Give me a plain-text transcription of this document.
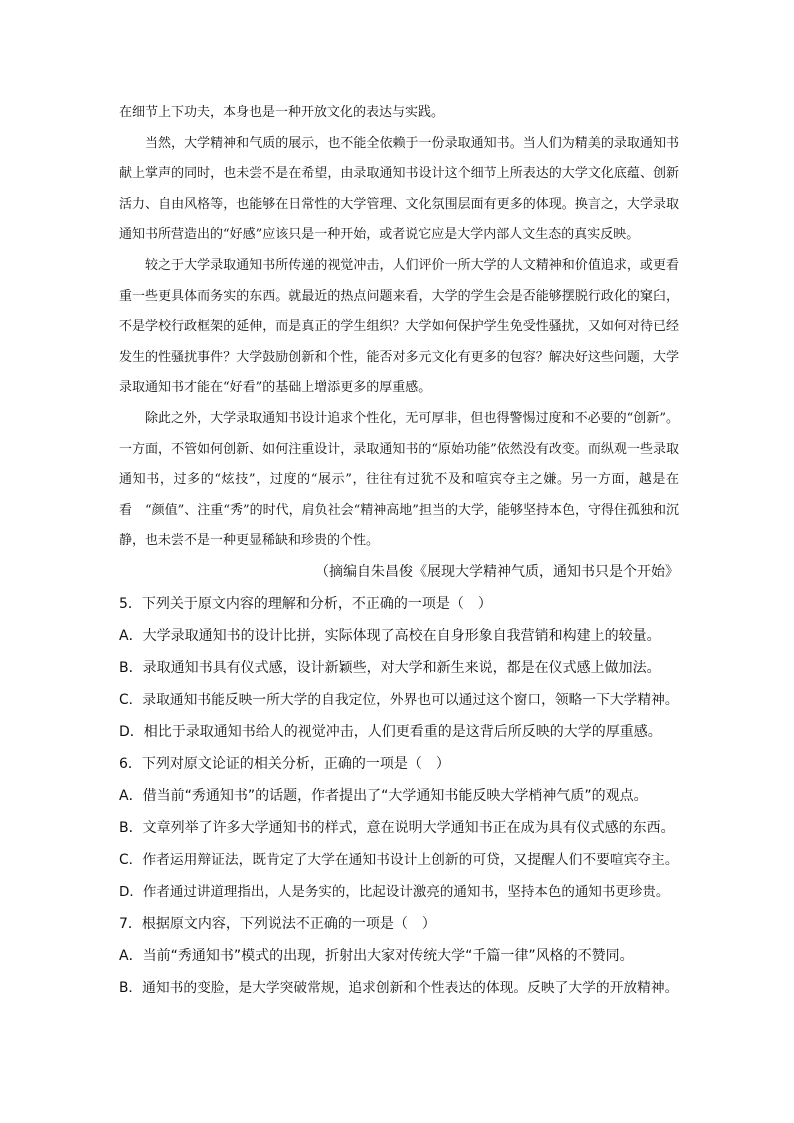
在细节上下功夫，本身也是一种开放文化的表达与实践。

当然，大学精神和气质的展示，也不能全依赖于一份录取通知书。当人们为精美的录取通知书献上掌声的同时，也未尝不是在希望，由录取通知书设计这个细节上所表达的大学文化底蕴、创新活力、自由风格等，也能够在日常性的大学管理、文化氛围层面有更多的体现。换言之，大学录取通知书所营造出的“好感”应该只是一种开始，或者说它应是大学内部人文生态的真实反映。

较之于大学录取通知书所传递的视觉冲击，人们评价一所大学的人文精神和价值追求，或更看重一些更具体而务实的东西。就最近的热点问题来看，大学的学生会是否能够摆脱行政化的窠臼，不是学校行政框架的延伸，而是真正的学生组织？大学如何保护学生免受性骚扰，又如何对待已经发生的性骚扰事件？大学鼓励创新和个性，能否对多元文化有更多的包容？解决好这些问题，大学录取通知书才能在“好看”的基础上增添更多的厚重感。

除此之外，大学录取通知书设计追求个性化，无可厚非，但也得警惕过度和不必要的“创新”。一方面，不管如何创新、如何注重设计，录取通知书的“原始功能”依然没有改变。而纵观一些录取通知书，过多的“炫技”，过度的“展示”，往往有过犹不及和喧宾夺主之嫌。另一方面，越是在看　“颜值”、注重“秀”的时代，肩负社会“精神高地”担当的大学，能够坚持本色，守得住孤独和沉静，也未尝不是一种更显稀缺和珍贵的个性。

（摘编自朱昌俊《展现大学精神气质，通知书只是个开始》

5．下列关于原文内容的理解和分析，不正确的一项是（　）

A．大学录取通知书的设计比拼，实际体现了高校在自身形象自我营销和构建上的较量。

B．录取通知书具有仪式感，设计新颖些，对大学和新生来说，都是在仪式感上做加法。

C．录取通知书能反映一所大学的自我定位，外界也可以通过这个窗口，领略一下大学精神。

D．相比于录取通知书给人的视觉冲击，人们更看重的是这背后所反映的大学的厚重感。

6．下列对原文论证的相关分析，正确的一项是（　）

A．借当前“秀通知书”的话题，作者提出了“大学通知书能反映大学梢神气质”的观点。

B．文章列举了许多大学通知书的样式，意在说明大学通知书正在成为具有仪式感的东西。

C．作者运用辩证法，既肯定了大学在通知书设计上创新的可贷，又提醒人们不要喧宾夺主。

D．作者通过讲道理指出，人是务实的，比起设计激亮的通知书，坚持本色的通知书更珍贵。

7．根据原文内容，下列说法不正确的一项是（　）

A．当前“秀通知书”模式的出现，折射出大家对传统大学“千篇一律”风格的不赞同。

B．通知书的变脸，是大学突破常规，追求创新和个性表达的体现。反映了大学的开放精神。
